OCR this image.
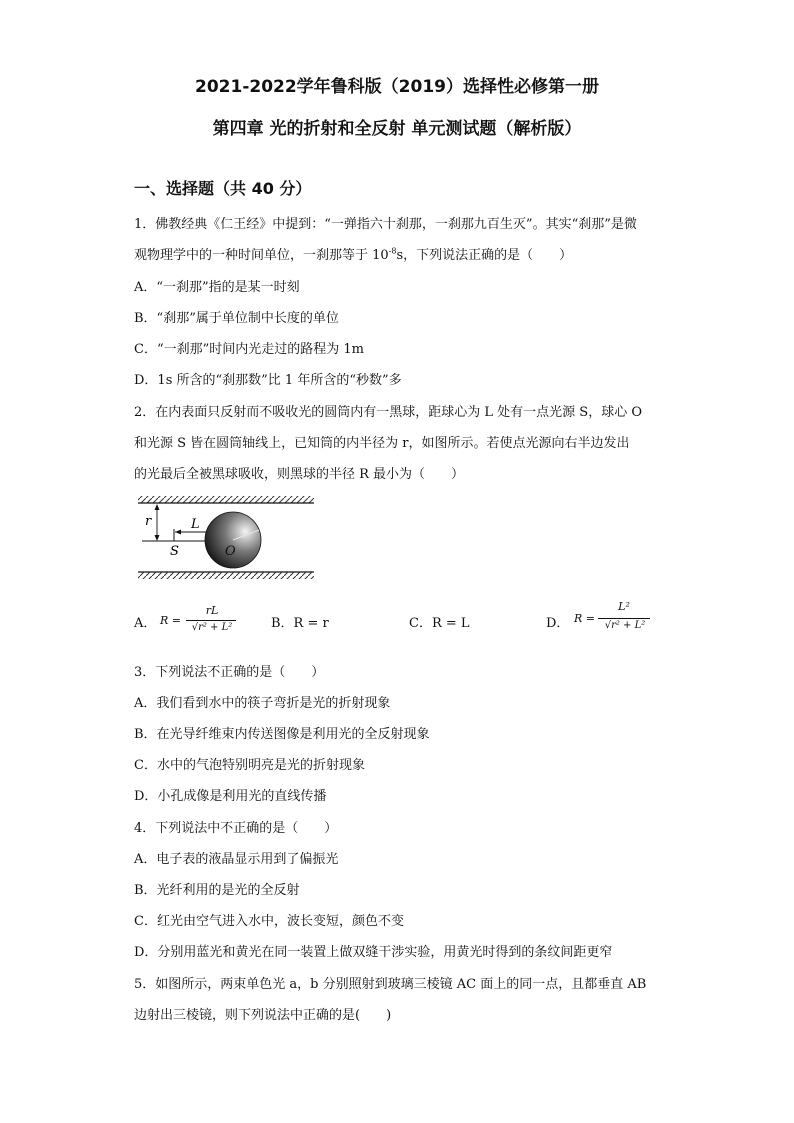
2021-2022学年鲁科版（2019）选择性必修第一册
第四章 光的折射和全反射 单元测试题（解析版）
一、选择题（共 40 分）
1．佛教经典《仁王经》中提到：“一弹指六十刹那，一刹那九百生灭”。其实“刹那”是微
观物理学中的一种时间单位，一刹那等于 $10^{-8}s$，下列说法正确的是（　　）
A．“一刹那”指的是某一时刻
B．“刹那”属于单位制中长度的单位
C．“一刹那”时间内光走过的路程为 1m
D．1s 所含的“刹那数”比 1 年所含的“秒数”多
2．在内表面只反射而不吸收光的圆筒内有一黑球，距球心为 L 处有一点光源 S，球心 O
和光源 S 皆在圆筒轴线上，已知筒的内半径为 r，如图所示。若使点光源向右半边发出
的光最后全被黑球吸收，则黑球的半径 R 最小为（　　）
r	L
S	O
A． R =
rL
√r² + L²	B．R = r	C．R = L	D． R =
L²
√r² + L²
3．下列说法不正确的是（　　）
A．我们看到水中的筷子弯折是光的折射现象
B．在光导纤维束内传送图像是利用光的全反射现象
C．水中的气泡特别明亮是光的折射现象
D．小孔成像是利用光的直线传播
4．下列说法中不正确的是（　　）
A．电子表的液晶显示用到了偏振光
B．光纤利用的是光的全反射
C．红光由空气进入水中，波长变短，颜色不变
D．分别用蓝光和黄光在同一装置上做双缝干涉实验，用黄光时得到的条纹间距更窄
5．如图所示，两束单色光 a，b 分别照射到玻璃三棱镜 AC 面上的同一点，且都垂直 AB
边射出三棱镜，则下列说法中正确的是(　　)
